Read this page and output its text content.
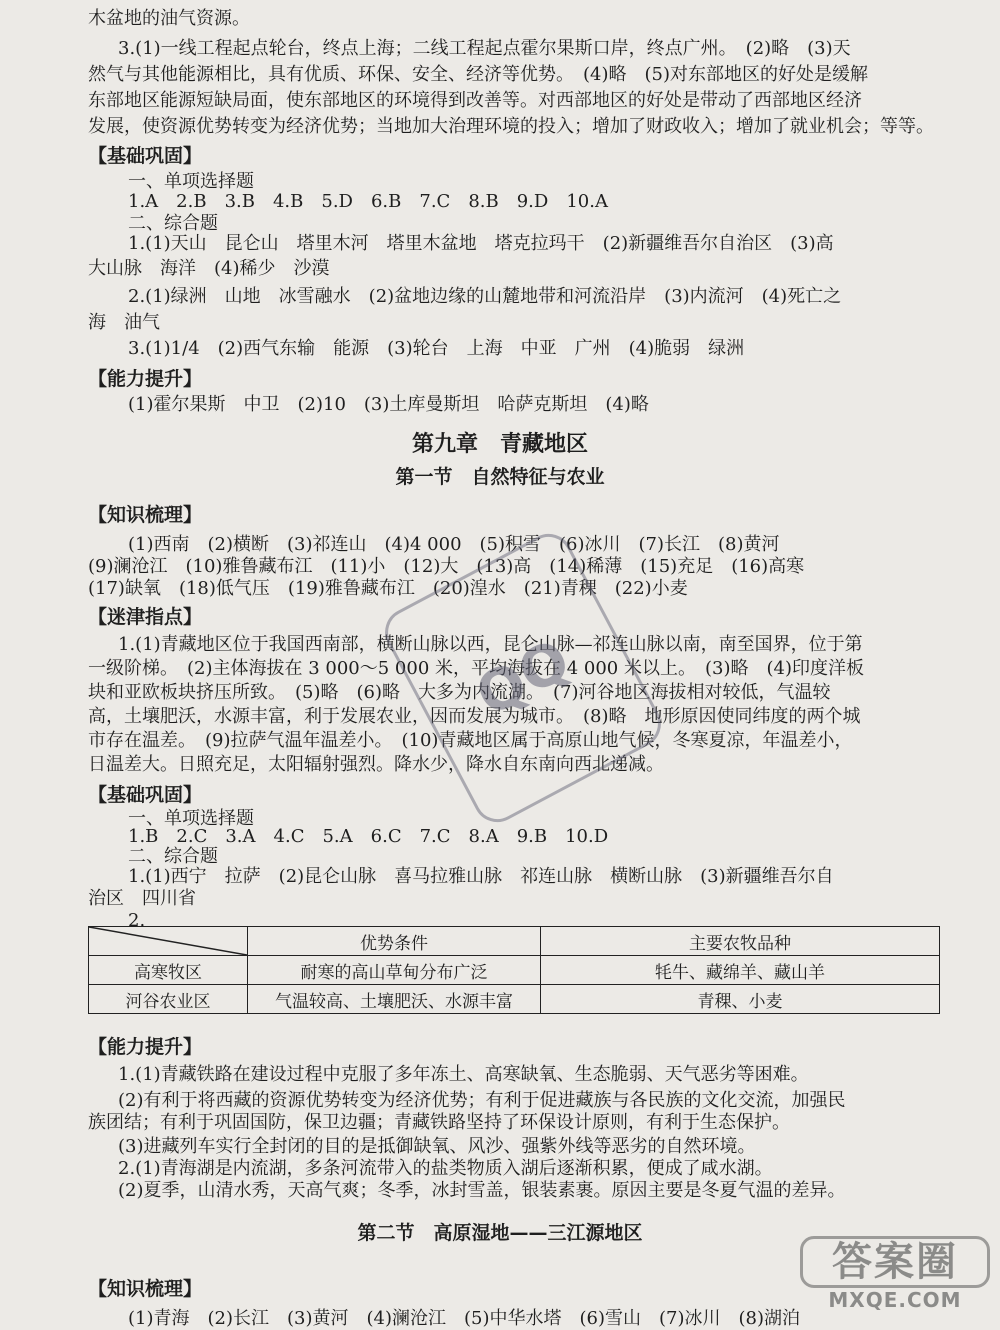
木盆地的油气资源。
3.(1)一线工程起点轮台，终点上海；二线工程起点霍尔果斯口岸，终点广州。　(2)略　(3)天
然气与其他能源相比，具有优质、环保、安全、经济等优势。　(4)略　(5)对东部地区的好处是缓解
东部地区能源短缺局面，使东部地区的环境得到改善等。对西部地区的好处是带动了西部地区经济
发展，使资源优势转变为经济优势；当地加大治理环境的投入；增加了财政收入；增加了就业机会；等等。
【基础巩固】
一、单项选择题
1.A　2.B　3.B　4.B　5.D　6.B　7.C　8.B　9.D　10.A
二、综合题
1.(1)天山　昆仑山　塔里木河　塔里木盆地　塔克拉玛干　(2)新疆维吾尔自治区　(3)高
大山脉　海洋　(4)稀少　沙漠
2.(1)绿洲　山地　冰雪融水　(2)盆地边缘的山麓地带和河流沿岸　(3)内流河　(4)死亡之
海　油气
3.(1)1/4　(2)西气东输　能源　(3)轮台　上海　中亚　广州　(4)脆弱　绿洲
【能力提升】
(1)霍尔果斯　中卫　(2)10　(3)土库曼斯坦　哈萨克斯坦　(4)略
第九章　青藏地区
第一节　自然特征与农业
【知识梳理】
(1)西南　(2)横断　(3)祁连山　(4)4 000　(5)积雪　(6)冰川　(7)长江　(8)黄河
(9)澜沧江　(10)雅鲁藏布江　(11)小　(12)大　(13)高　(14)稀薄　(15)充足　(16)高寒
(17)缺氧　(18)低气压　(19)雅鲁藏布江　(20)湟水　(21)青稞　(22)小麦
【迷津指点】
1.(1)青藏地区位于我国西南部，横断山脉以西，昆仑山脉—祁连山脉以南，南至国界，位于第
一级阶梯。　(2)主体海拔在 3 000～5 000 米，平均海拔在 4 000 米以上。　(3)略　(4)印度洋板
块和亚欧板块挤压所致。　(5)略　(6)略　大多为内流湖。　(7)河谷地区海拔相对较低，气温较
高，土壤肥沃，水源丰富，利于发展农业，因而发展为城市。　(8)略　地形原因使同纬度的两个城
市存在温差。　(9)拉萨气温年温差小。　(10)青藏地区属于高原山地气候，冬寒夏凉，年温差小，
日温差大。日照充足，太阳辐射强烈。降水少，降水自东南向西北递减。
【基础巩固】
一、单项选择题
1.B　2.C　3.A　4.C　5.A　6.C　7.C　8.A　9.B　10.D
二、综合题
1.(1)西宁　拉萨　(2)昆仑山脉　喜马拉雅山脉　祁连山脉　横断山脉　(3)新疆维吾尔自
治区　四川省
2.
	优势条件	主要农牧品种
高寒牧区	耐寒的高山草甸分布广泛	牦牛、藏绵羊、藏山羊
河谷农业区	气温较高、土壤肥沃、水源丰富	青稞、小麦
【能力提升】
1.(1)青藏铁路在建设过程中克服了多年冻土、高寒缺氧、生态脆弱、天气恶劣等困难。
(2)有利于将西藏的资源优势转变为经济优势；有利于促进藏族与各民族的文化交流，加强民
族团结；有利于巩固国防，保卫边疆；青藏铁路坚持了环保设计原则，有利于生态保护。
(3)进藏列车实行全封闭的目的是抵御缺氧、风沙、强紫外线等恶劣的自然环境。
2.(1)青海湖是内流湖，多条河流带入的盐类物质入湖后逐渐积累，便成了咸水湖。
(2)夏季，山清水秀，天高气爽；冬季，冰封雪盖，银装素裹。原因主要是冬夏气温的差异。
第二节　高原湿地——三江源地区
【知识梳理】
(1)青海　(2)长江　(3)黄河　(4)澜沧江　(5)中华水塔　(6)雪山　(7)冰川　(8)湖泊
QQ
答案圈
MXQE.COM
